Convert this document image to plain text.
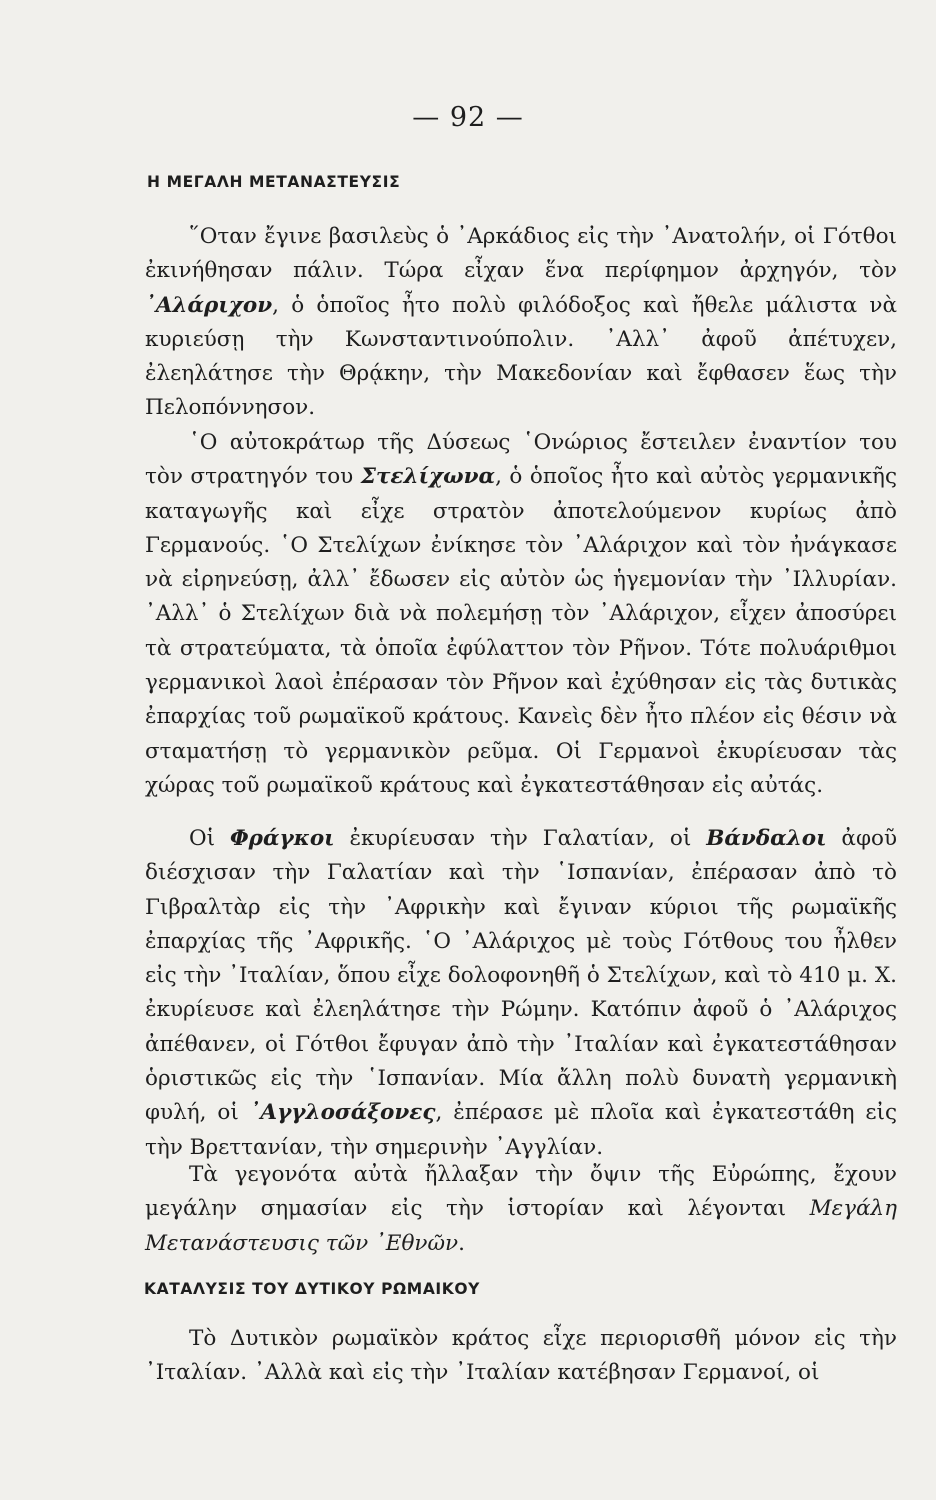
— 92 —
Η ΜΕΓΑΛΗ ΜΕΤΑΝΑΣΤΕΥΣΙΣ

῞Οταν ἔγινε βασιλεὺς ὁ ᾿Αρκάδιος εἰς τὴν ᾿Ανατολήν, οἱ Γότθοι ἐκινήθησαν πάλιν. Τώρα εἶχαν ἕνα περίφημον ἀρχηγόν, τὸν ᾿Αλάριχον, ὁ ὁποῖος ἦτο πολὺ φιλόδοξος καὶ ἤθελε μάλιστα νὰ κυριεύσῃ τὴν Κωνσταντινούπολιν. ᾿Αλλ᾿ ἀφοῦ ἀπέτυχεν, ἐλεηλάτησε τὴν Θρᾴκην, τὴν Μακεδονίαν καὶ ἔφθασεν ἕως τὴν Πελοπόννησον.

῾Ο αὐτοκράτωρ τῆς Δύσεως ῾Ονώριος ἔστειλεν ἐναντίον του τὸν στρατηγόν του Στελίχωνα, ὁ ὁποῖος ἦτο καὶ αὐτὸς γερμανικῆς καταγωγῆς καὶ εἶχε στρατὸν ἀποτελούμενον κυρίως ἀπὸ Γερμανούς. ῾Ο Στελίχων ἐνίκησε τὸν ᾿Αλάριχον καὶ τὸν ἠνάγκασε νὰ εἰρηνεύσῃ, ἀλλ᾿ ἔδωσεν εἰς αὐτὸν ὡς ἡγεμονίαν τὴν ᾿Ιλλυρίαν. ᾿Αλλ᾿ ὁ Στελίχων διὰ νὰ πολεμήσῃ τὸν ᾿Αλάριχον, εἶχεν ἀποσύρει τὰ στρατεύματα, τὰ ὁποῖα ἐφύλαττον τὸν Ρῆνον. Τότε πολυάριθμοι γερμανικοὶ λαοὶ ἐπέρασαν τὸν Ρῆνον καὶ ἐχύθησαν εἰς τὰς δυτικὰς ἐπαρχίας τοῦ ρωμαϊκοῦ κράτους. Κανεὶς δὲν ἦτο πλέον εἰς θέσιν νὰ σταματήσῃ τὸ γερμανικὸν ρεῦμα. Οἱ Γερμανοὶ ἐκυρίευσαν τὰς χώρας τοῦ ρωμαϊκοῦ κράτους καὶ ἐγκατεστάθησαν εἰς αὐτάς.

Οἱ Φράγκοι ἐκυρίευσαν τὴν Γαλατίαν, οἱ Βάνδαλοι ἀφοῦ διέσχισαν τὴν Γαλατίαν καὶ τὴν ῾Ισπανίαν, ἐπέρασαν ἀπὸ τὸ Γιβραλτὰρ εἰς τὴν ᾿Αφρικὴν καὶ ἔγιναν κύριοι τῆς ρωμαϊκῆς ἐπαρχίας τῆς ᾿Αφρικῆς. ῾Ο ᾿Αλάριχος μὲ τοὺς Γότθους του ἦλθεν εἰς τὴν ᾿Ιταλίαν, ὅπου εἶχε δολοφονηθῆ ὁ Στελίχων, καὶ τὸ 410 μ. Χ. ἐκυρίευσε καὶ ἐλεηλάτησε τὴν Ρώμην. Κατόπιν ἀφοῦ ὁ ᾿Αλάριχος ἀπέθανεν, οἱ Γότθοι ἔφυγαν ἀπὸ τὴν ᾿Ιταλίαν καὶ ἐγκατεστάθησαν ὁριστικῶς εἰς τὴν ῾Ισπανίαν. Μία ἄλλη πολὺ δυνατὴ γερμανικὴ φυλή, οἱ ᾿Αγγλοσάξονες, ἐπέρασε μὲ πλοῖα καὶ ἐγκατεστάθη εἰς τὴν Βρεττανίαν, τὴν σημερινὴν ᾿Αγγλίαν.

Τὰ γεγονότα αὐτὰ ἤλλαξαν τὴν ὄψιν τῆς Εὐρώπης, ἔχουν μεγάλην σημασίαν εἰς τὴν ἱστορίαν καὶ λέγονται Μεγάλη Μετανάστευσις τῶν ᾿Εθνῶν.

ΚΑΤΑΛΥΣΙΣ ΤΟΥ ΔΥΤΙΚΟΥ ΡΩΜΑΙΚΟΥ

Τὸ Δυτικὸν ρωμαϊκὸν κράτος εἶχε περιορισθῆ μόνον εἰς τὴν ᾿Ιταλίαν. ᾿Αλλὰ καὶ εἰς τὴν ᾿Ιταλίαν κατέβησαν Γερμανοί, οἱ
